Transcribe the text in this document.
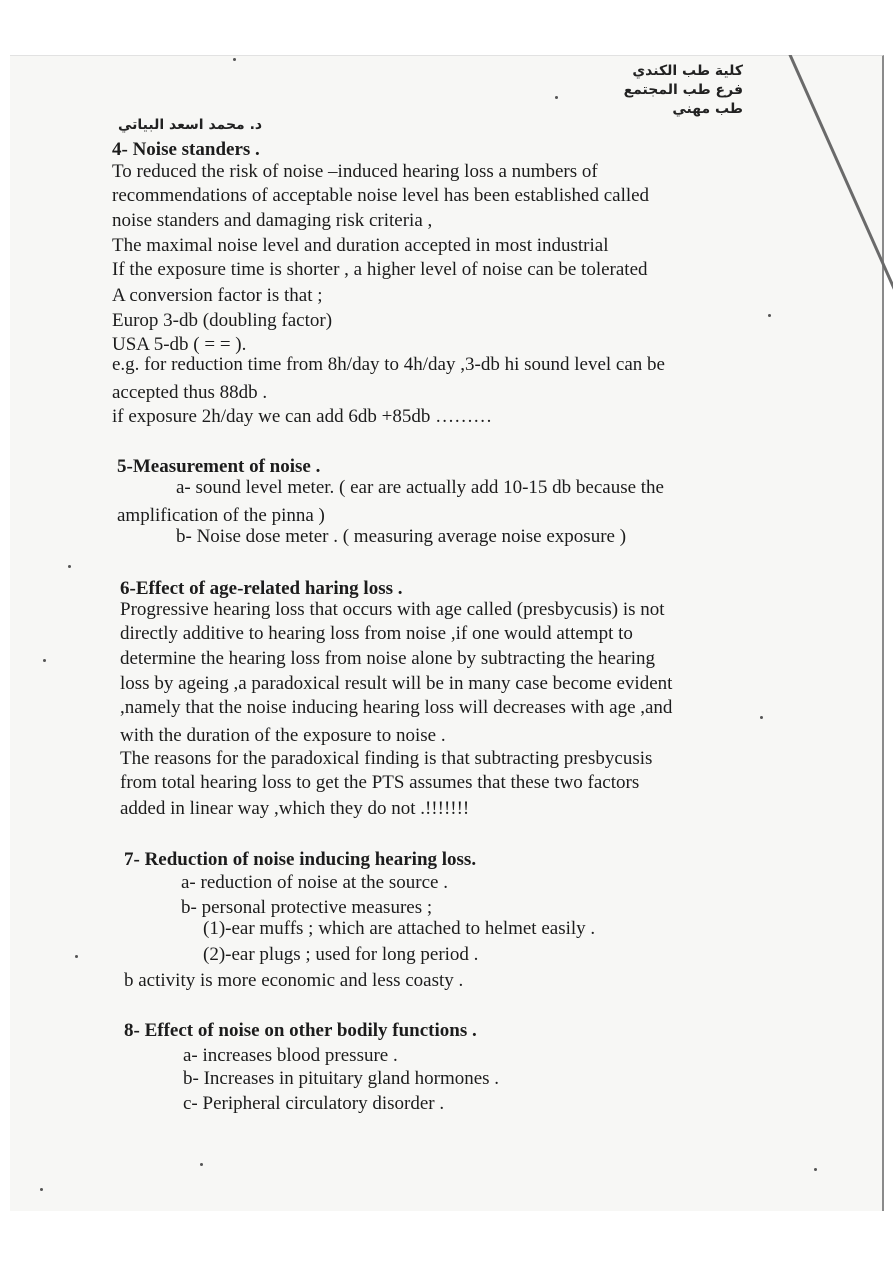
كلية طب الكندي
فرع طب المجتمع
طب مهني
د. محمد اسعد البياتي
4- Noise standers .
To reduced the risk of noise –induced hearing loss a numbers of
recommendations of acceptable noise level has been established called
noise standers and damaging risk criteria ,
The maximal noise level and duration accepted in most industrial
If the exposure time is shorter , a higher level of noise can be tolerated
A conversion factor is that ;
Europ 3-db (doubling factor)
USA 5-db ( = = ).
e.g. for reduction time from 8h/day to 4h/day ,3-db hi sound level can be
accepted thus 88db .
if exposure 2h/day we can add 6db +85db ………
5-Measurement of noise .
a- sound level meter. ( ear are actually add 10-15 db because the
amplification of the pinna )
b- Noise dose meter . ( measuring average noise exposure )
6-Effect of age-related haring loss .
Progressive hearing loss that occurs with age called (presbycusis) is not
directly additive to hearing loss from noise ,if one would attempt to
determine the hearing loss from noise alone by subtracting the hearing
loss by ageing ,a paradoxical result will be in many case become evident
,namely that the noise inducing hearing loss will decreases with age ,and
with the duration of the exposure to noise .
The reasons for the paradoxical finding is that subtracting presbycusis
from total hearing loss to get the PTS assumes that these two factors
added in linear way ,which they do not .!!!!!!!
7- Reduction of noise inducing hearing loss.
a- reduction of noise at the source .
b- personal protective measures ;
(1)-ear muffs ; which are attached to helmet easily .
(2)-ear plugs ; used for long period .
b activity is more economic and less coasty .
8- Effect of noise on other bodily functions .
a- increases blood pressure .
b- Increases in pituitary gland hormones .
c- Peripheral circulatory disorder .
